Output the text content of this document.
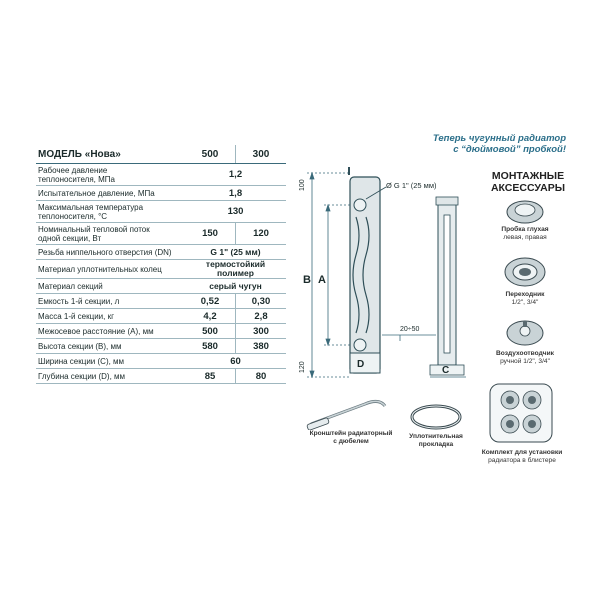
Теперь чугунный радиатор
с “дюймовой” пробкой!
МОДЕЛЬ «Нова»	500	300

Рабочее давление
теплоносителя, МПа	1,2	

Испытательное давление, МПа	1,8	

Максимальная температура
теплоносителя, °С	130	

Номинальный тепловой поток
одной секции, Вт	150	120

Резьба ниппельного отверстия (DN)	G 1" (25 мм)	

Материал уплотнительных колец	термостойкий полимер	

Материал секций	серый чугун	

Емкость 1-й секции, л	0,52	0,30

Масса 1-й секции, кг	4,2	2,8

Межосевое расстояние (А), мм	500	300

Высота секции (В), мм	580	380

Ширина секции (С), мм	60	

Глубина секции (D), мм	85	80
B
100
120
A
D
Ø G 1" (25 мм)
C
20÷50
МОНТАЖНЫЕ
АКСЕССУАРЫ
Пробка глухая
левая, правая
Переходник
1/2", 3/4"
Воздухоотводчик
ручной 1/2", 3/4"
Комплект для установки
радиатора в блистере
Кронштейн радиаторный
с дюбелем
Уплотнительная
прокладка
